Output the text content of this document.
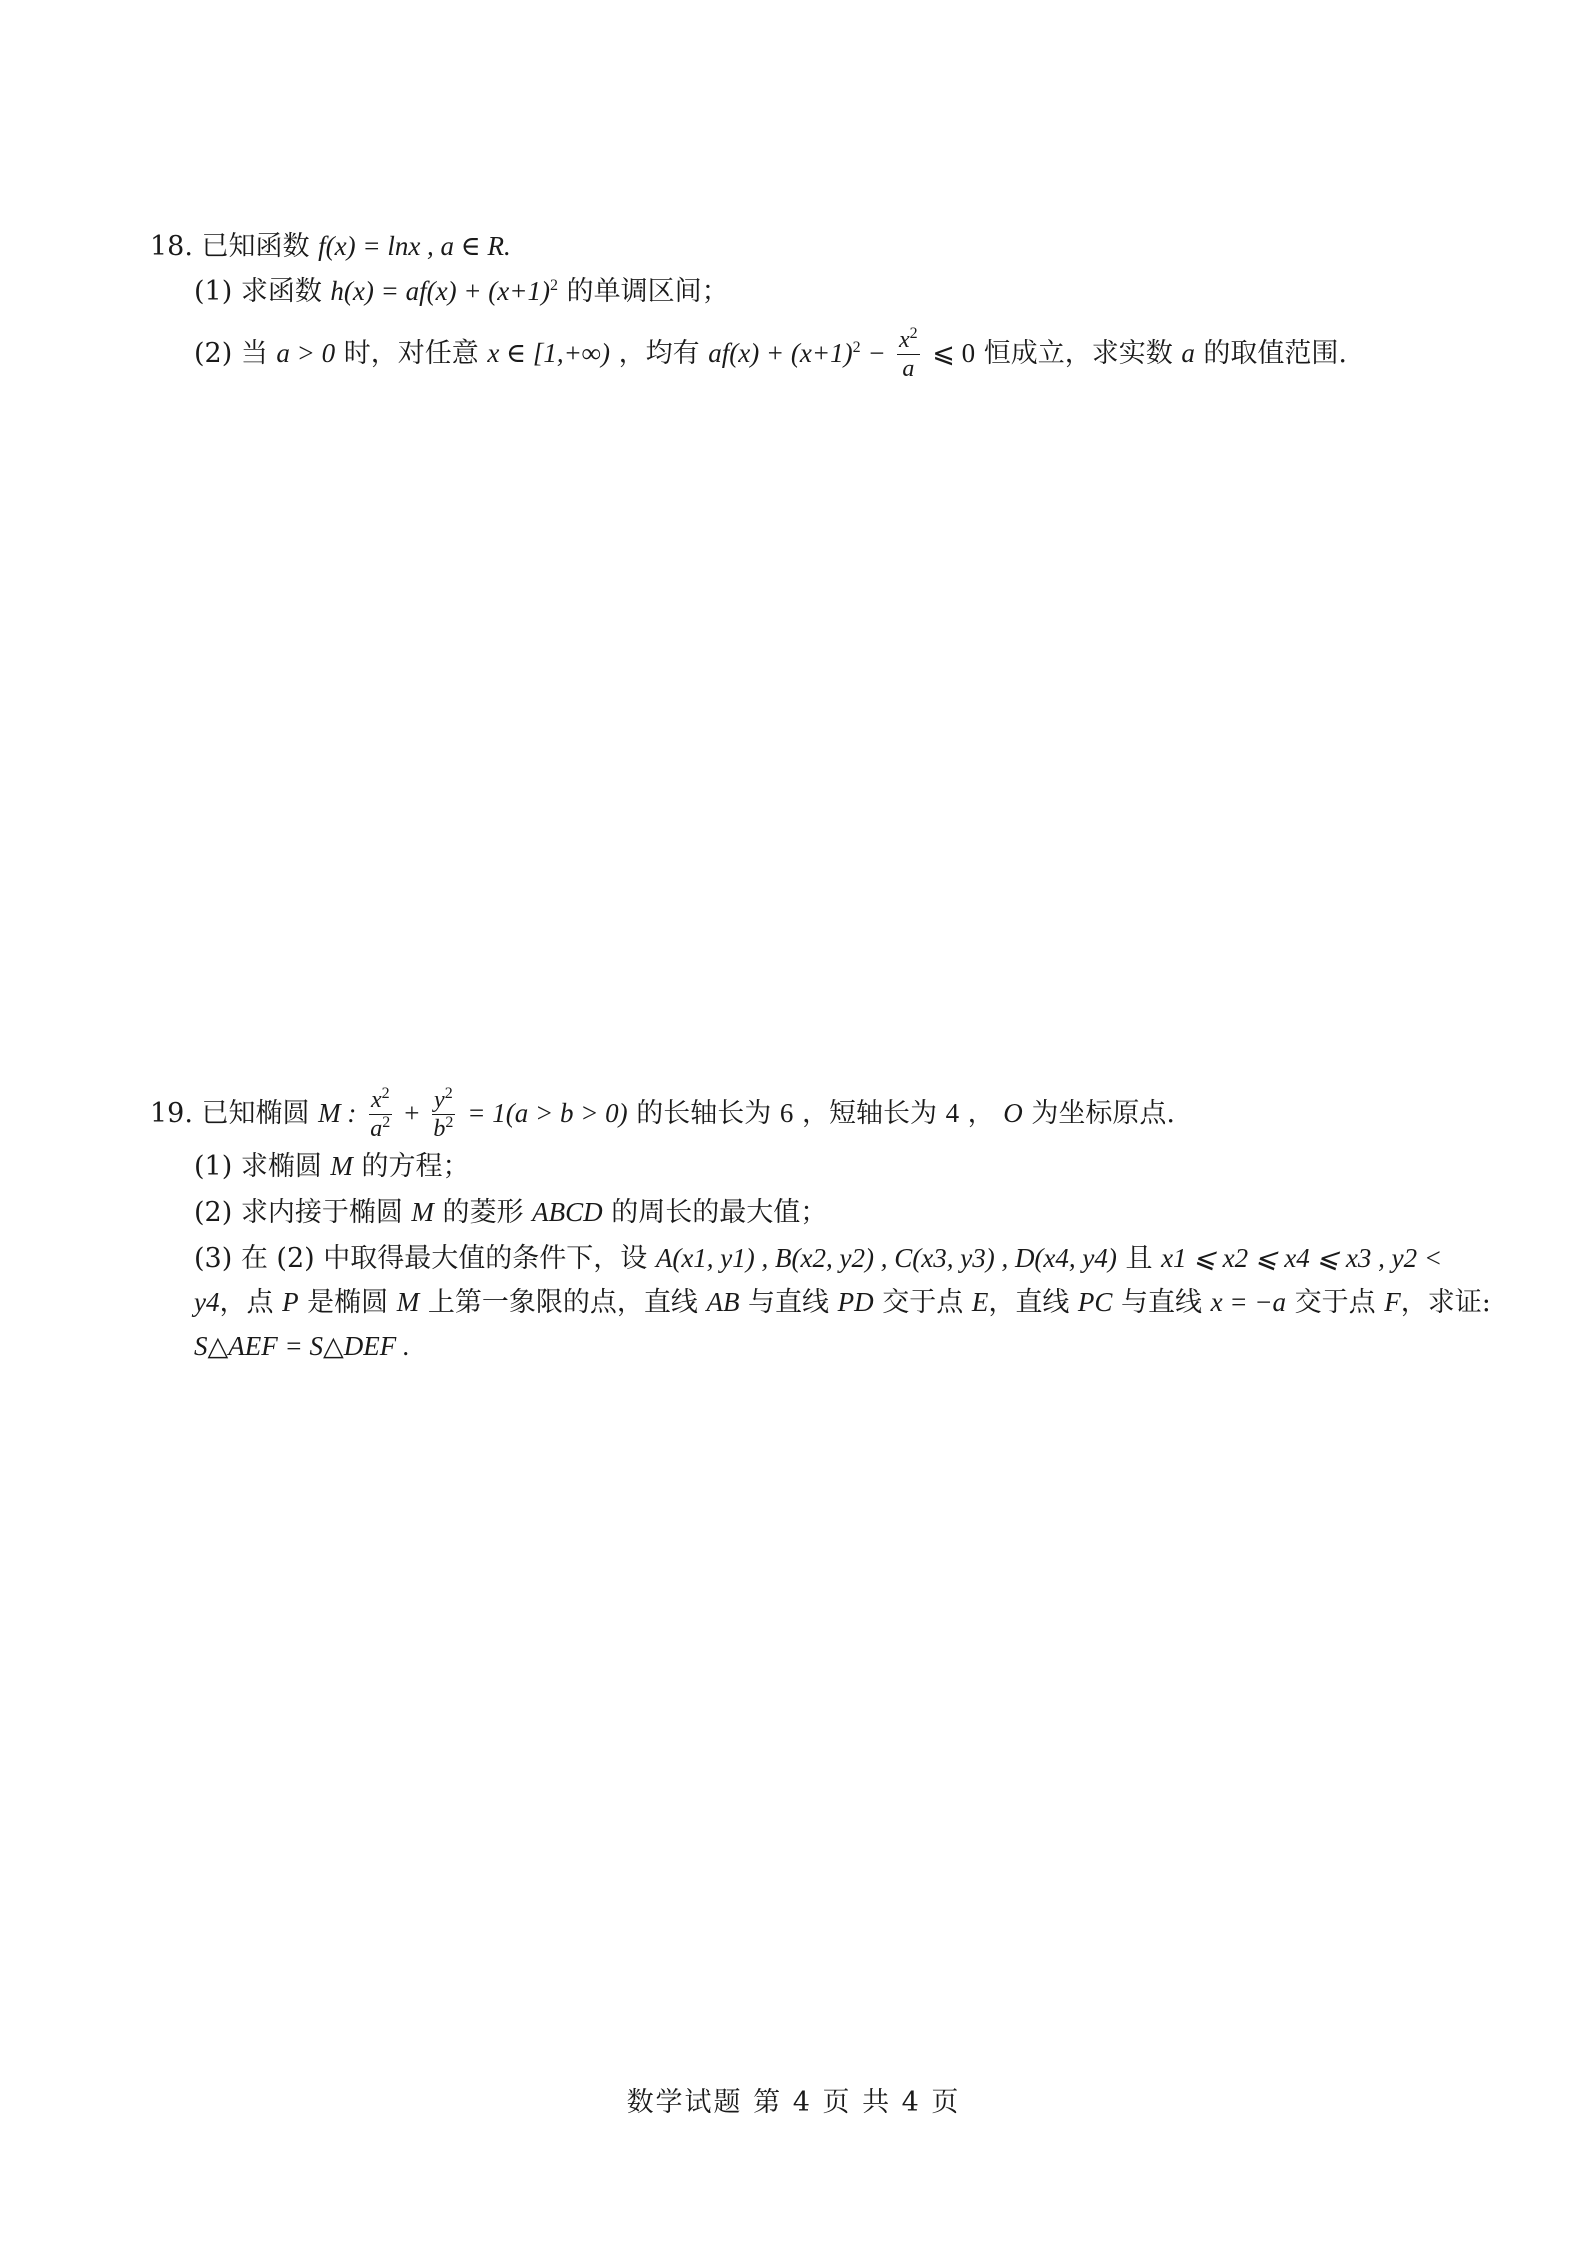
18. 已知函数 f(x) = lnx , a ∈ R.
(1) 求函数 $h(x) = af(x) + (x+1)^2$ 的单调区间；
(2) 当 a > 0 时，对任意 x ∈ [1,+∞) ，均有 $af(x) + (x+1)^2 - \frac{x^2}{a}$ ⩽ 0 恒成立，求实数 a 的取值范围.
19. 已知椭圆 M : $\frac{x^2}{a^2} + \frac{y^2}{b^2} = 1(a > b > 0)$ 的长轴长为 6 ，短轴长为 4 ， O 为坐标原点.
(1) 求椭圆 M 的方程；
(2) 求内接于椭圆 M 的菱形 ABCD 的周长的最大值；
(3) 在 (2) 中取得最大值的条件下，设 A(x1, y1) , B(x2, y2) , C(x3, y3) , D(x4, y4) 且 x1 ⩽ x2 ⩽ x4 ⩽ x3 , y2 <
y4，点 P 是椭圆 M 上第一象限的点，直线 AB 与直线 PD 交于点 E，直线 PC 与直线 x = −a 交于点 F，求证:
S△AEF = S△DEF .
数学试题 第 4 页 共 4 页
